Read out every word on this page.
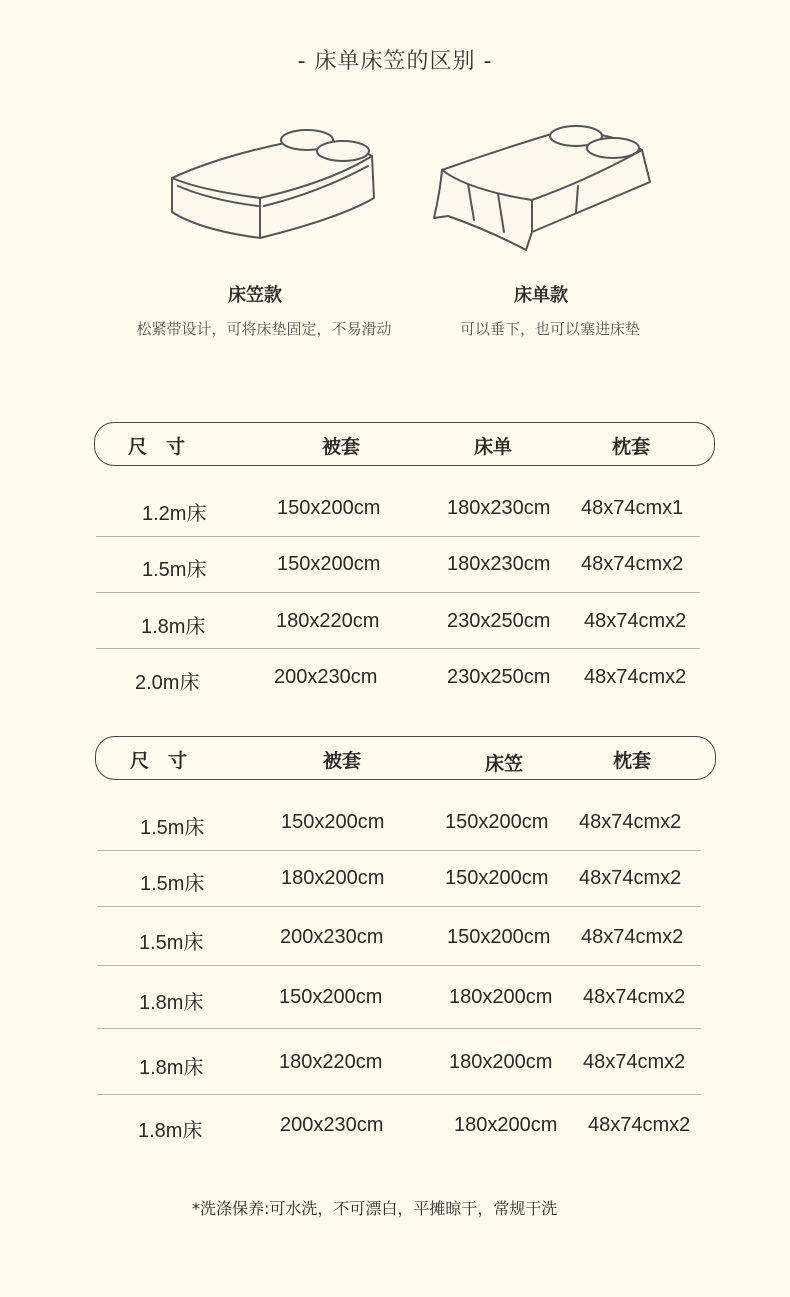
- 床单床笠的区别 -
床笠款
松紧带设计，可将床垫固定，不易滑动
床单款
可以垂下，也可以塞进床垫
尺　寸	被套	床单	枕套
1.2m床	150x200cm	180x230cm 48x74cmx1
1.5m床	150x200cm	180x230cm 48x74cmx2
1.8m床	180x220cm	230x250cm 48x74cmx2
2.0m床	200x230cm	230x250cm 48x74cmx2
尺　寸	被套	床笠	枕套
1.5m床	150x200cm	150x200cm 48x74cmx2
1.5m床	180x200cm	150x200cm 48x74cmx2
1.5m床	200x230cm	150x200cm 48x74cmx2
1.8m床	150x200cm	180x200cm 48x74cmx2
1.8m床	180x220cm	180x200cm 48x74cmx2
1.8m床	200x230cm	180x200cm 48x74cmx2
*洗涤保养:可水洗，不可漂白，平摊晾干，常规干洗
